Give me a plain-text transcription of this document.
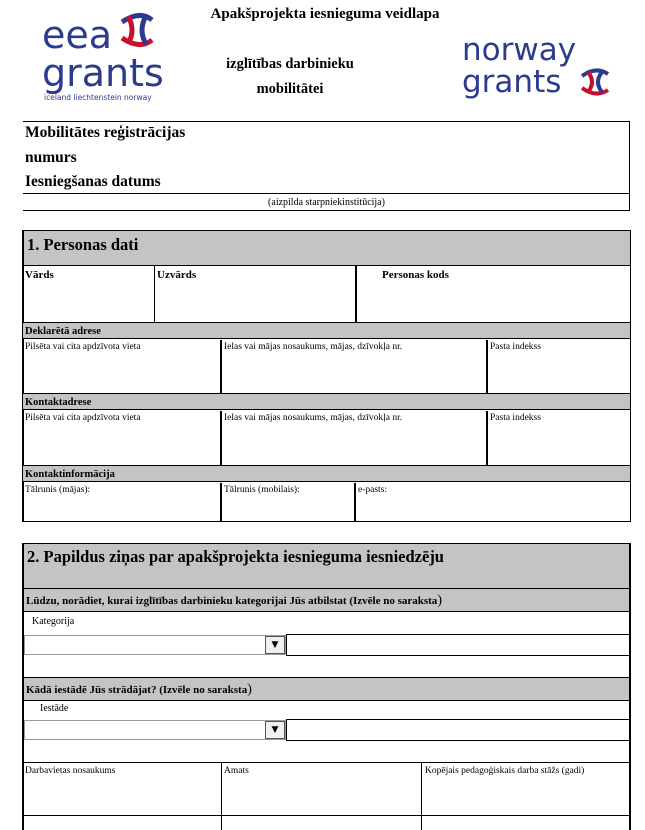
eea
grants
iceland liechtenstein norway
Apakšprojekta iesnieguma veidlapa
izglītības darbinieku
mobilitātei
norway
grants
Mobilitātes reģistrācijas
numurs
Iesniegšanas datums
(aizpilda starpniekinstitūcija)
1. Personas dati
Vārds	Uzvārds	Personas kods
Deklarētā adrese
Pilsēta vai cita apdzīvota vieta	Ielas vai mājas nosaukums, mājas, dzīvokļa nr.	Pasta indekss
Kontaktadrese
Pilsēta vai cita apdzīvota vieta	Ielas vai mājas nosaukums, mājas, dzīvokļa nr.	Pasta indekss
Kontaktinformācija
Tālrunis (mājas):	Tālrunis (mobilais):	e-pasts:
2. Papildus ziņas par apakšprojekta iesnieguma iesniedzēju
Lūdzu, norādiet, kurai izglītības darbinieku kategorijai Jūs atbilstat (Izvēle no saraksta)
Kategorija
▼
Kādā iestādē Jūs strādājat? (Izvēle no saraksta)
Iestāde
▼
Darbavietas nosaukums	Amats	Kopējais pedagoģiskais darba stāžs (gadi)
